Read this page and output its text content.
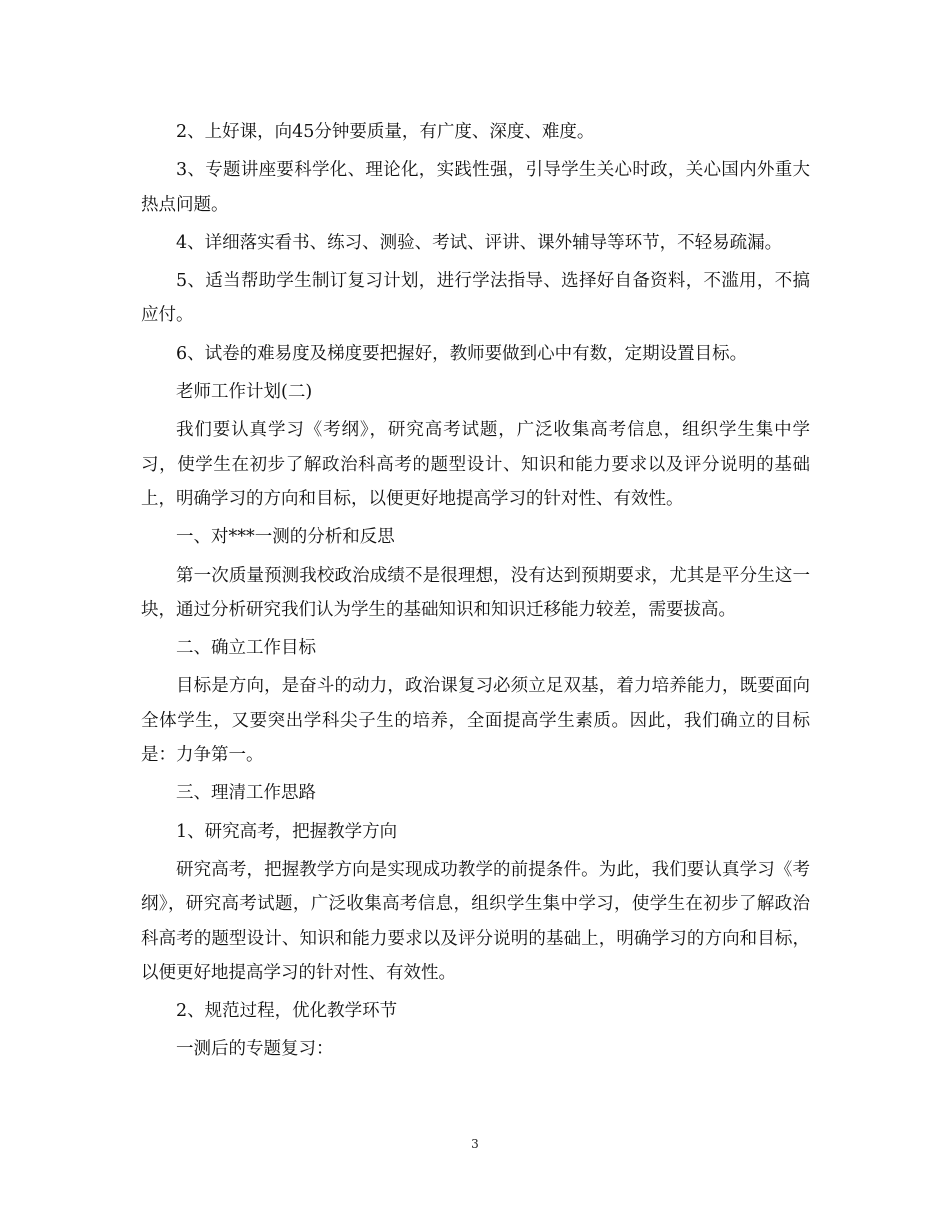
2、上好课，向45分钟要质量，有广度、深度、难度。

3、专题讲座要科学化、理论化，实践性强，引导学生关心时政，关心国内外重大热点问题。

4、详细落实看书、练习、测验、考试、评讲、课外辅导等环节，不轻易疏漏。

5、适当帮助学生制订复习计划，进行学法指导、选择好自备资料，不滥用，不搞应付。

6、试卷的难易度及梯度要把握好，教师要做到心中有数，定期设置目标。

老师工作计划(二)

我们要认真学习《考纲》，研究高考试题，广泛收集高考信息，组织学生集中学习，使学生在初步了解政治科高考的题型设计、知识和能力要求以及评分说明的基础上，明确学习的方向和目标，以便更好地提高学习的针对性、有效性。

一、对***一测的分析和反思

第一次质量预测我校政治成绩不是很理想，没有达到预期要求，尤其是平分生这一块，通过分析研究我们认为学生的基础知识和知识迁移能力较差，需要拔高。

二、确立工作目标

目标是方向，是奋斗的动力，政治课复习必须立足双基，着力培养能力，既要面向全体学生，又要突出学科尖子生的培养，全面提高学生素质。因此，我们确立的目标是：力争第一。

三、理清工作思路

1、研究高考，把握教学方向

研究高考，把握教学方向是实现成功教学的前提条件。为此，我们要认真学习《考纲》，研究高考试题，广泛收集高考信息，组织学生集中学习，使学生在初步了解政治科高考的题型设计、知识和能力要求以及评分说明的基础上，明确学习的方向和目标，以便更好地提高学习的针对性、有效性。

2、规范过程，优化教学环节

一测后的专题复习：

3
